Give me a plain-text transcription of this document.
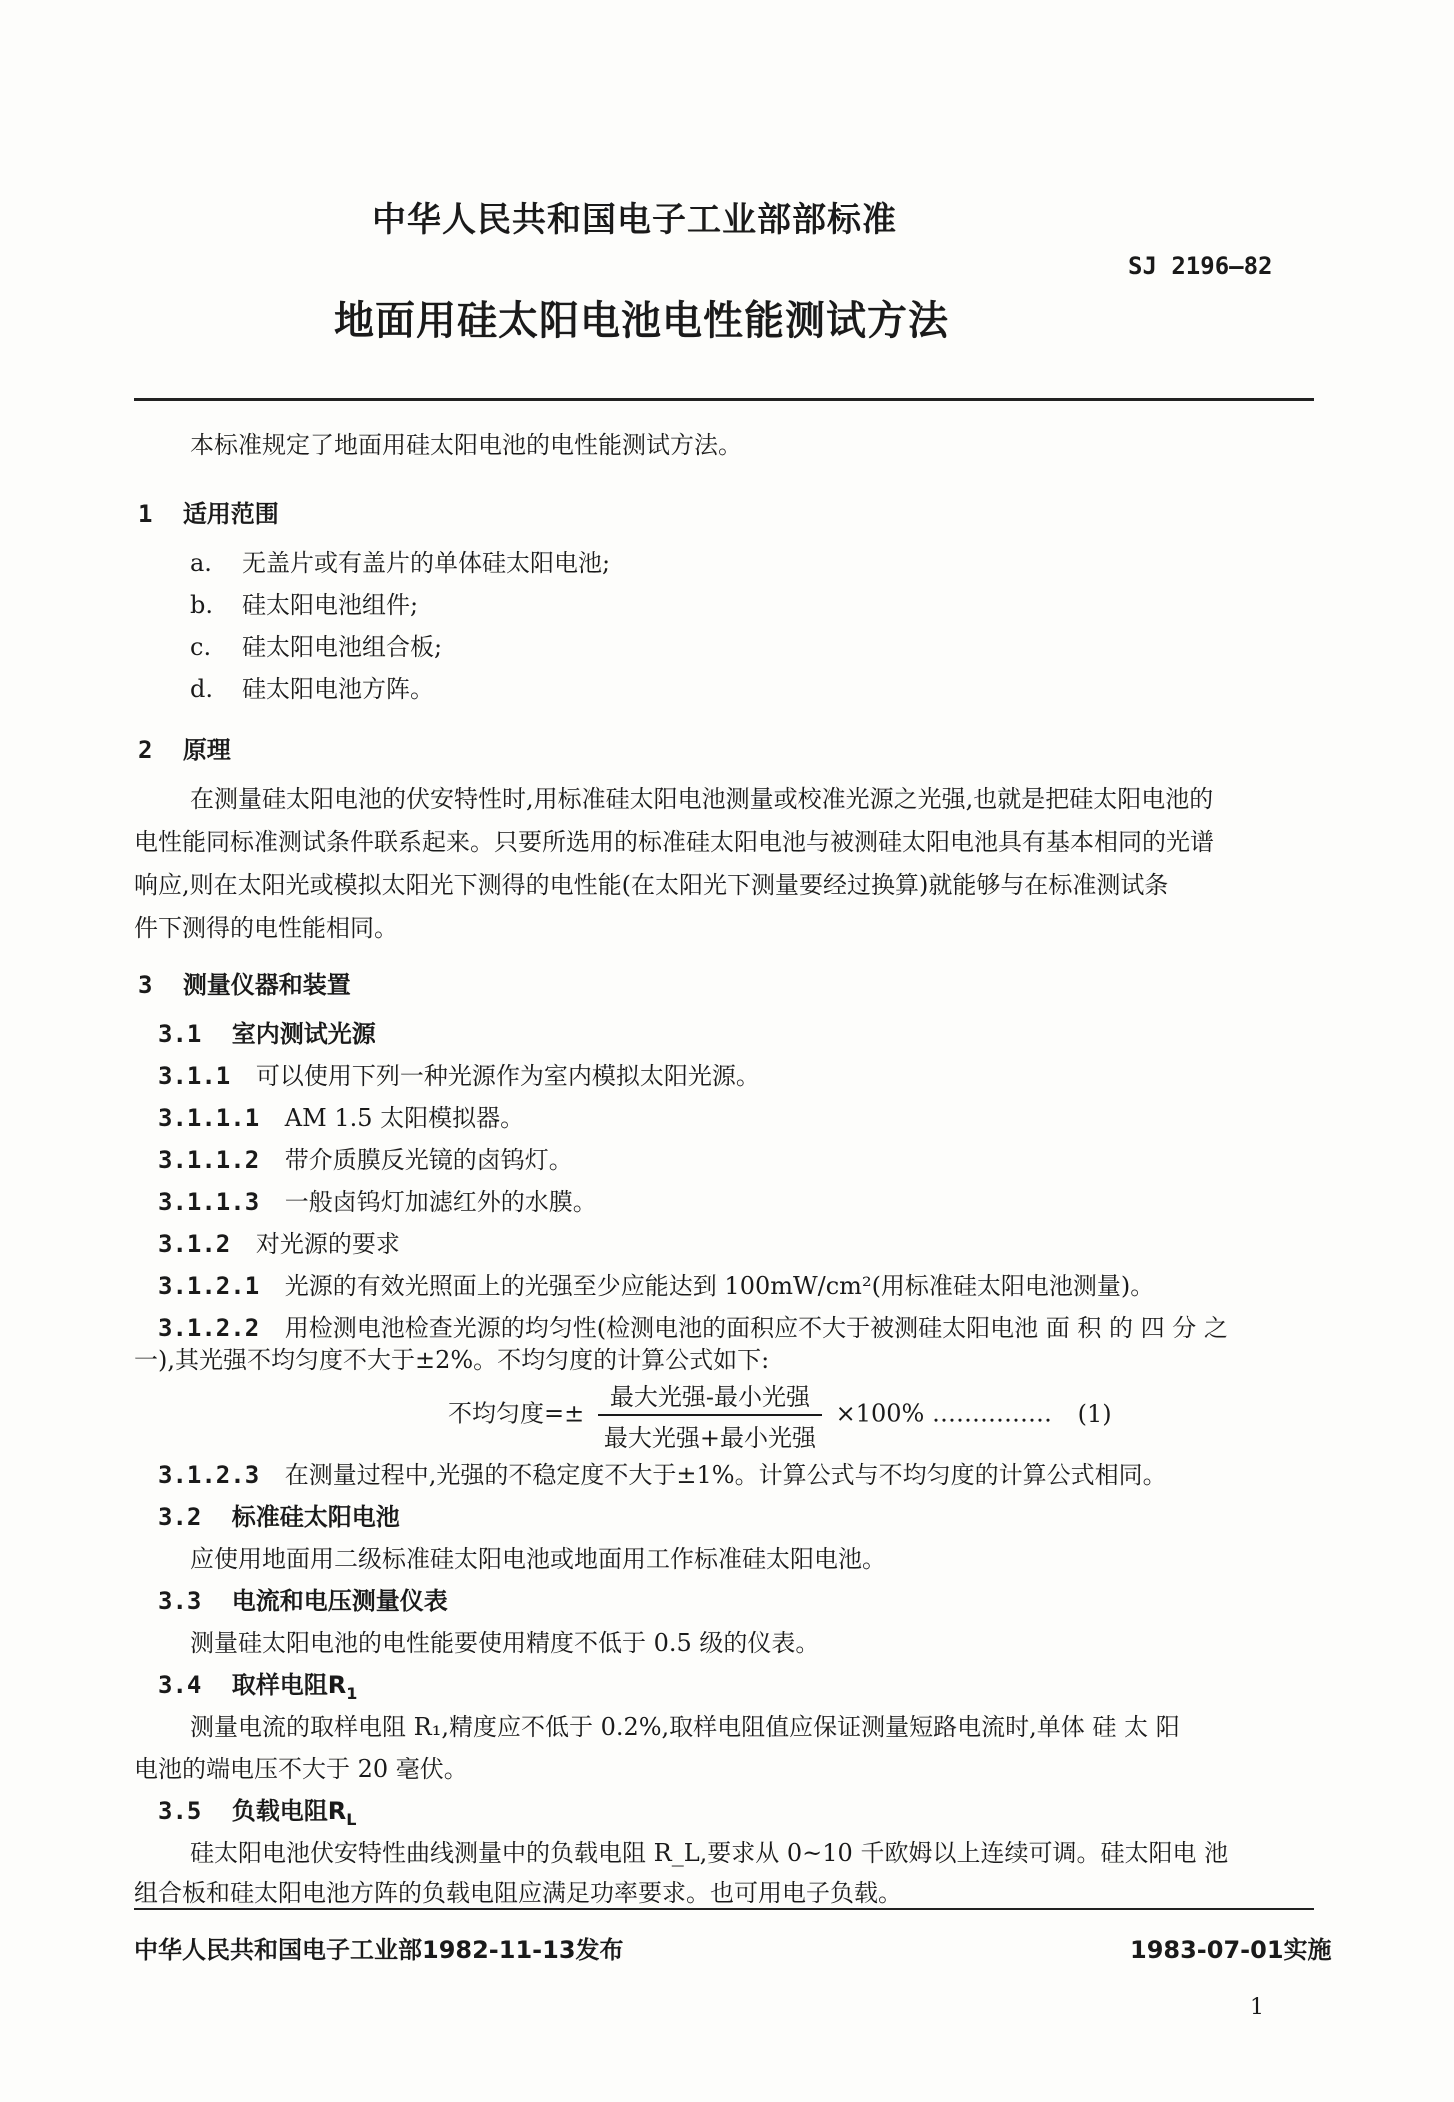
中华人民共和国电子工业部部标准
SJ 2196—82
地面用硅太阳电池电性能测试方法
本标准规定了地面用硅太阳电池的电性能测试方法。
1 适用范围
a. 无盖片或有盖片的单体硅太阳电池;
b. 硅太阳电池组件;
c. 硅太阳电池组合板;
d. 硅太阳电池方阵。
2 原理
在测量硅太阳电池的伏安特性时,用标准硅太阳电池测量或校准光源之光强,也就是把硅太阳电池的
电性能同标准测试条件联系起来。只要所选用的标准硅太阳电池与被测硅太阳电池具有基本相同的光谱
响应,则在太阳光或模拟太阳光下测得的电性能(在太阳光下测量要经过换算)就能够与在标准测试条
件下测得的电性能相同。
3 测量仪器和装置
3.1 室内测试光源
3.1.1 可以使用下列一种光源作为室内模拟太阳光源。
3.1.1.1 AM 1.5 太阳模拟器。
3.1.1.2 带介质膜反光镜的卤钨灯。
3.1.1.3 一般卤钨灯加滤红外的水膜。
3.1.2 对光源的要求
3.1.2.1 光源的有效光照面上的光强至少应能达到 100mW/cm²(用标准硅太阳电池测量)。
3.1.2.2 用检测电池检查光源的均匀性(检测电池的面积应不大于被测硅太阳电池 面 积 的 四 分 之
一),其光强不均匀度不大于±2%。不均匀度的计算公式如下:
不均匀度=± $\frac{\text{最大光强-最小光强}}{\text{最大光强+最小光强}} \times 100\%$ …………… (1)
3.1.2.3 在测量过程中,光强的不稳定度不大于±1%。计算公式与不均匀度的计算公式相同。
3.2 标准硅太阳电池
应使用地面用二级标准硅太阳电池或地面用工作标准硅太阳电池。
3.3 电流和电压测量仪表
测量硅太阳电池的电性能要使用精度不低于 0.5 级的仪表。
3.4 取样电阻$R_1$
测量电流的取样电阻 R₁,精度应不低于 0.2%,取样电阻值应保证测量短路电流时,单体 硅 太 阳
电池的端电压不大于 20 毫伏。
3.5 负载电阻$R_L$
硅太阳电池伏安特性曲线测量中的负载电阻 R_L,要求从 0~10 千欧姆以上连续可调。硅太阳电 池
组合板和硅太阳电池方阵的负载电阻应满足功率要求。也可用电子负载。
中华人民共和国电子工业部1982-11-13发布	1983-07-01实施
1
